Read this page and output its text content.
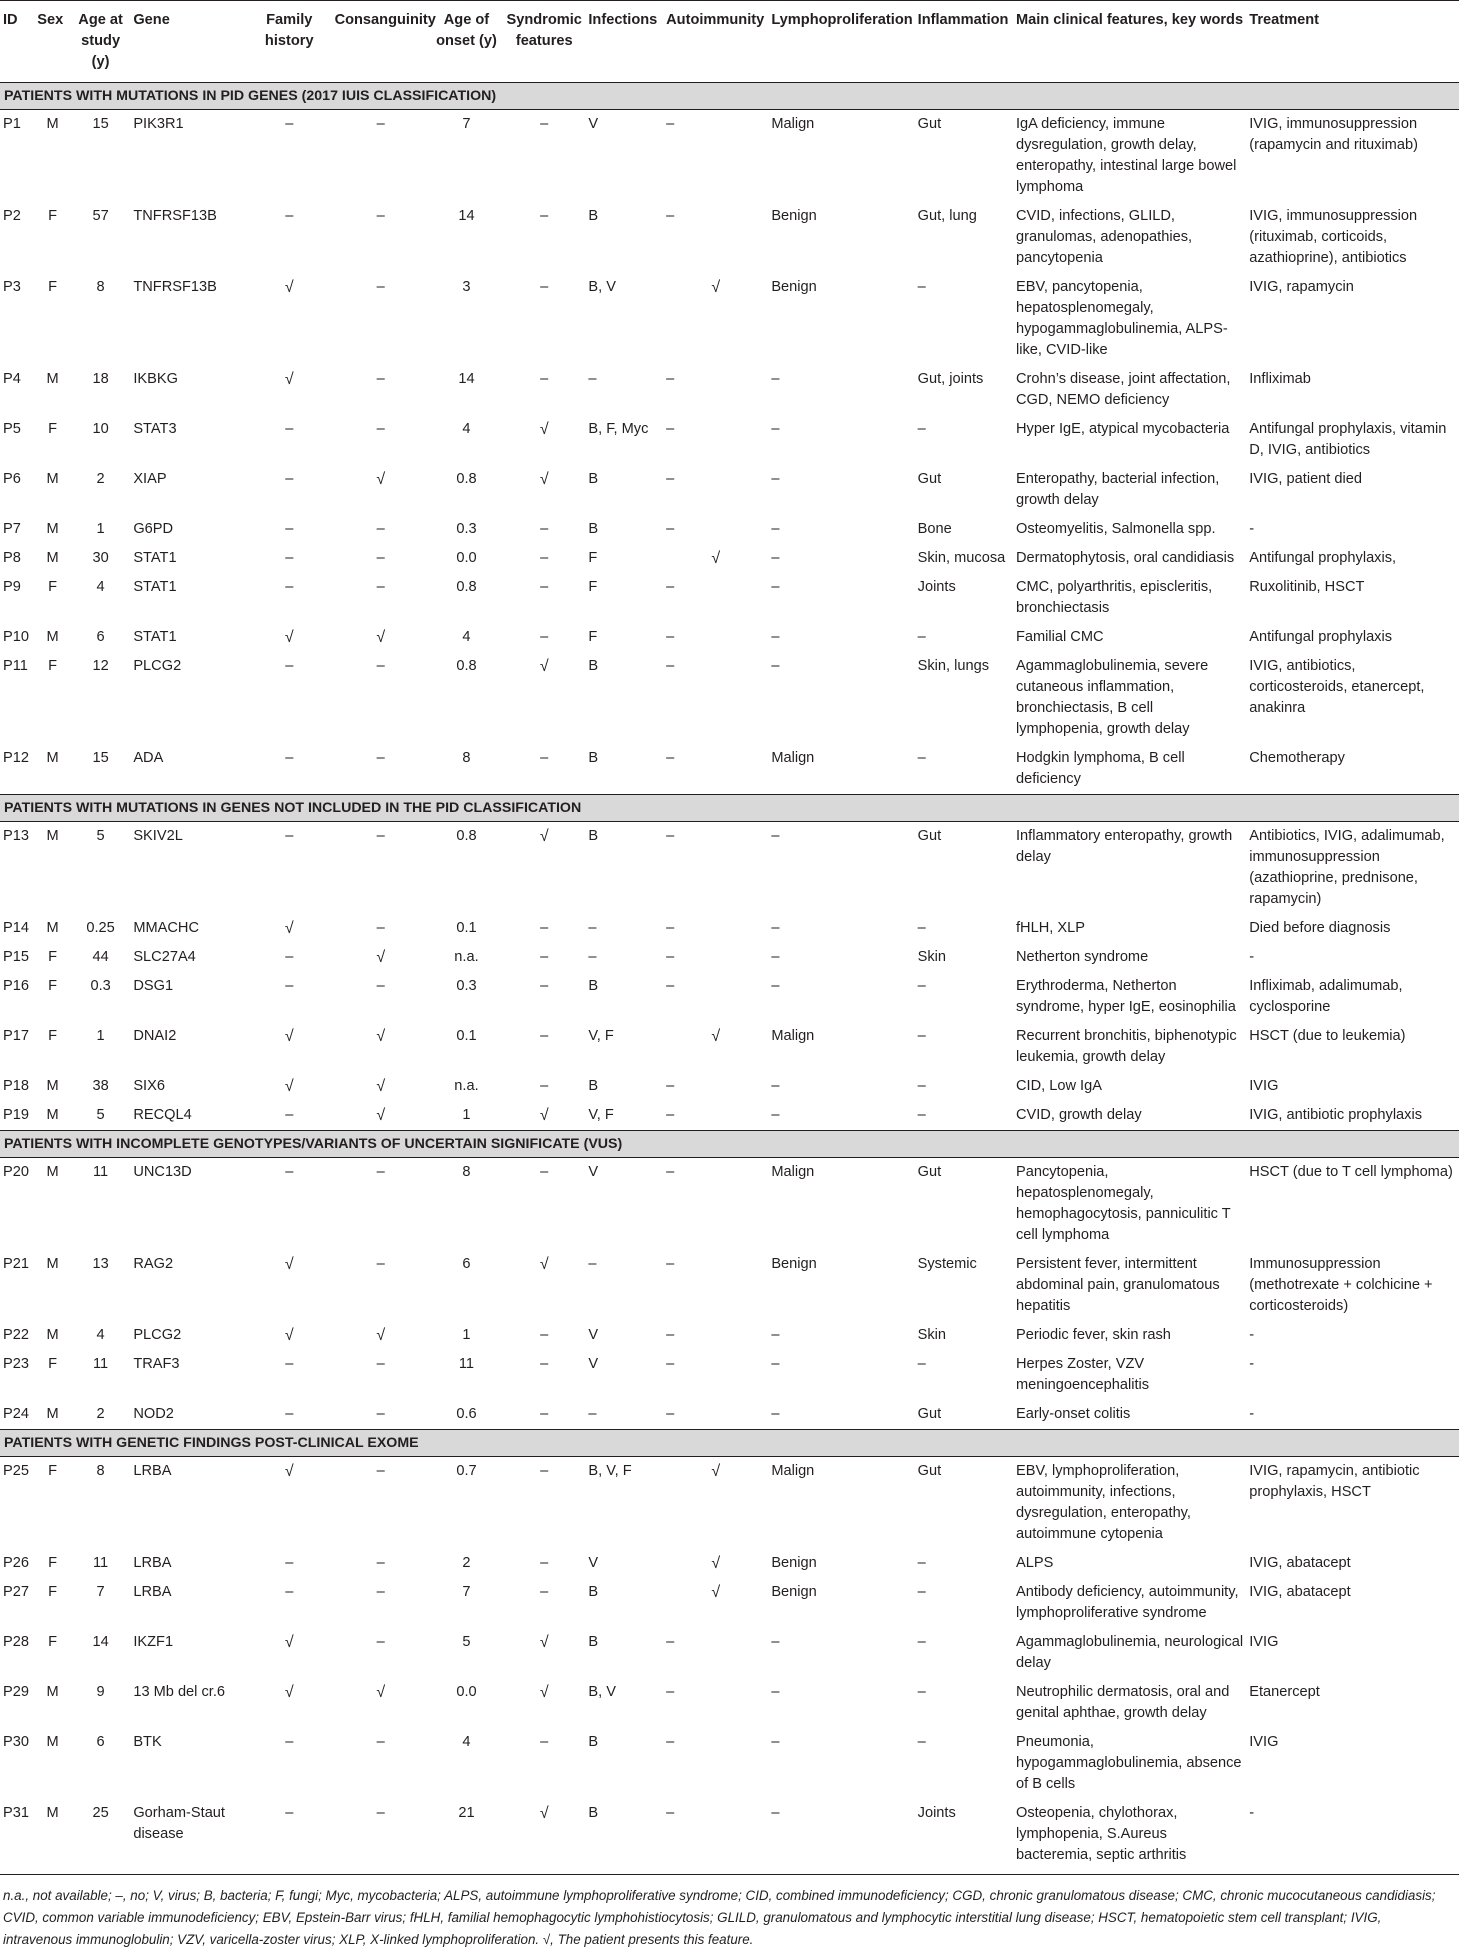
ID	Sex	Age at study (y)	Gene	Family history	Consanguinity	Age of onset (y)	Syndromic features	Infections	Autoimmunity	Lymphoproliferation	Inflammation	Main clinical features, key words	Treatment
PATIENTS WITH MUTATIONS IN PID GENES (2017 IUIS CLASSIFICATION)													
P1	M	15	PIK3R1	–	–	7	–	V	–	Malign	Gut	IgA deficiency, immune dysregulation, growth delay, enteropathy, intestinal large bowel lymphoma	IVIG, immunosuppression (rapamycin and rituximab)
P2	F	57	TNFRSF13B	–	–	14	–	B	–	Benign	Gut, lung	CVID, infections, GLILD, granulomas, adenopathies, pancytopenia	IVIG, immunosuppression (rituximab, corticoids, azathioprine), antibiotics
P3	F	8	TNFRSF13B	√	–	3	–	B, V	√	Benign	–	EBV, pancytopenia, hepatosplenomegaly, hypogammaglobulinemia, ALPS-like, CVID-like	IVIG, rapamycin
P4	M	18	IKBKG	√	–	14	–	–	–	–	Gut, joints	Crohn’s disease, joint affectation, CGD, NEMO deficiency	Infliximab
P5	F	10	STAT3	–	–	4	√	B, F, Myc	–	–	–	Hyper IgE, atypical mycobacteria	Antifungal prophylaxis, vitamin D, IVIG, antibiotics
P6	M	2	XIAP	–	√	0.8	√	B	–	–	Gut	Enteropathy, bacterial infection, growth delay	IVIG, patient died
P7	M	1	G6PD	–	–	0.3	–	B	–	–	Bone	Osteomyelitis, Salmonella spp.	-
P8	M	30	STAT1	–	–	0.0	–	F	√	–	Skin, mucosa	Dermatophytosis, oral candidiasis	Antifungal prophylaxis,
P9	F	4	STAT1	–	–	0.8	–	F	–	–	Joints	CMC, polyarthritis, episcleritis, bronchiectasis	Ruxolitinib, HSCT
P10	M	6	STAT1	√	√	4	–	F	–	–	–	Familial CMC	Antifungal prophylaxis
P11	F	12	PLCG2	–	–	0.8	√	B	–	–	Skin, lungs	Agammaglobulinemia, severe cutaneous inflammation, bronchiectasis, B cell lymphopenia, growth delay	IVIG, antibiotics, corticosteroids, etanercept, anakinra
P12	M	15	ADA	–	–	8	–	B	–	Malign	–	Hodgkin lymphoma, B cell deficiency	Chemotherapy
PATIENTS WITH MUTATIONS IN GENES NOT INCLUDED IN THE PID CLASSIFICATION													
P13	M	5	SKIV2L	–	–	0.8	√	B	–	–	Gut	Inflammatory enteropathy, growth delay	Antibiotics, IVIG, adalimumab, immunosuppression (azathioprine, prednisone, rapamycin)
P14	M	0.25	MMACHC	√	–	0.1	–	–	–	–	–	fHLH, XLP	Died before diagnosis
P15	F	44	SLC27A4	–	√	n.a.	–	–	–	–	Skin	Netherton syndrome	-
P16	F	0.3	DSG1	–	–	0.3	–	B	–	–	–	Erythroderma, Netherton syndrome, hyper IgE, eosinophilia	Infliximab, adalimumab, cyclosporine
P17	F	1	DNAI2	√	√	0.1	–	V, F	√	Malign	–	Recurrent bronchitis, biphenotypic leukemia, growth delay	HSCT (due to leukemia)
P18	M	38	SIX6	√	√	n.a.	–	B	–	–	–	CID, Low IgA	IVIG
P19	M	5	RECQL4	–	√	1	√	V, F	–	–	–	CVID, growth delay	IVIG, antibiotic prophylaxis
PATIENTS WITH INCOMPLETE GENOTYPES/VARIANTS OF UNCERTAIN SIGNIFICATE (VUS)													
P20	M	11	UNC13D	–	–	8	–	V	–	Malign	Gut	Pancytopenia, hepatosplenomegaly, hemophagocytosis, panniculitic T cell lymphoma	HSCT (due to T cell lymphoma)
P21	M	13	RAG2	√	–	6	√	–	–	Benign	Systemic	Persistent fever, intermittent abdominal pain, granulomatous hepatitis	Immunosuppression (methotrexate + colchicine + corticosteroids)
P22	M	4	PLCG2	√	√	1	–	V	–	–	Skin	Periodic fever, skin rash	-
P23	F	11	TRAF3	–	–	11	–	V	–	–	–	Herpes Zoster, VZV meningoencephalitis	-
P24	M	2	NOD2	–	–	0.6	–	–	–	–	Gut	Early-onset colitis	-
PATIENTS WITH GENETIC FINDINGS POST-CLINICAL EXOME													
P25	F	8	LRBA	√	–	0.7	–	B, V, F	√	Malign	Gut	EBV, lymphoproliferation, autoimmunity, infections, dysregulation, enteropathy, autoimmune cytopenia	IVIG, rapamycin, antibiotic prophylaxis, HSCT
P26	F	11	LRBA	–	–	2	–	V	√	Benign	–	ALPS	IVIG, abatacept
P27	F	7	LRBA	–	–	7	–	B	√	Benign	–	Antibody deficiency, autoimmunity, lymphoproliferative syndrome	IVIG, abatacept
P28	F	14	IKZF1	√	–	5	√	B	–	–	–	Agammaglobulinemia, neurological delay	IVIG
P29	M	9	13 Mb del cr.6	√	√	0.0	√	B, V	–	–	–	Neutrophilic dermatosis, oral and genital aphthae, growth delay	Etanercept
P30	M	6	BTK	–	–	4	–	B	–	–	–	Pneumonia, hypogammaglobulinemia, absence of B cells	IVIG
P31	M	25	Gorham-Staut disease	–	–	21	√	B	–	–	Joints	Osteopenia, chylothorax, lymphopenia, S.Aureus bacteremia, septic arthritis	-
n.a., not available; –, no; V, virus; B, bacteria; F, fungi; Myc, mycobacteria; ALPS, autoimmune lymphoproliferative syndrome; CID, combined immunodeficiency; CGD, chronic granulomatous disease; CMC, chronic mucocutaneous candidiasis; CVID, common variable immunodeficiency; EBV, Epstein-Barr virus; fHLH, familial hemophagocytic lymphohistiocytosis; GLILD, granulomatous and lymphocytic interstitial lung disease; HSCT, hematopoietic stem cell transplant; IVIG, intravenous immunoglobulin; VZV, varicella-zoster virus; XLP, X-linked lymphoproliferation. √, The patient presents this feature.
